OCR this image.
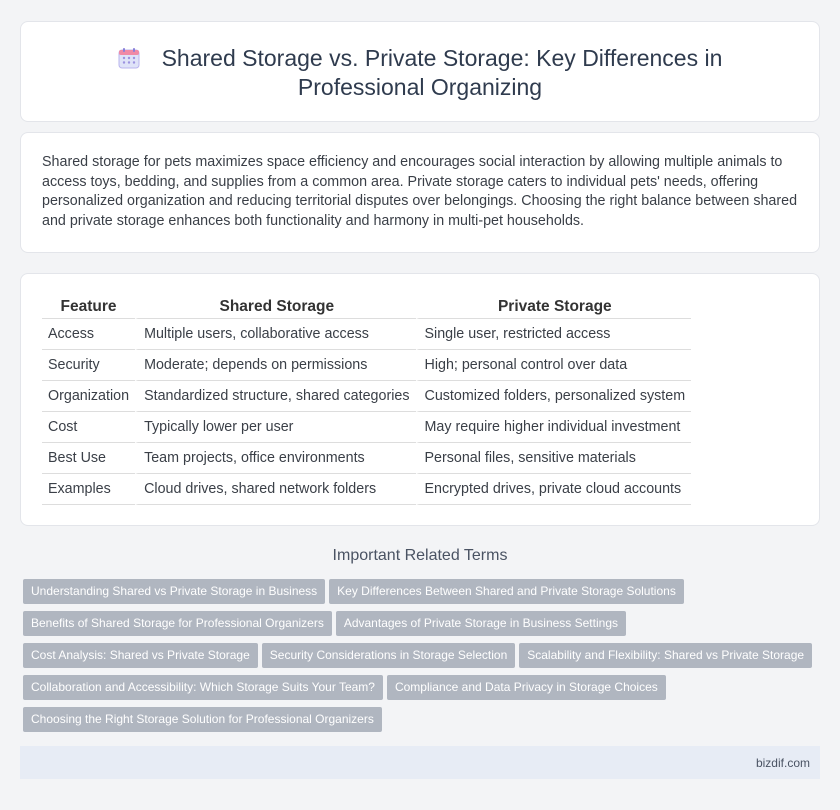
Shared Storage vs. Private Storage: Key Differences in
Professional Organizing

Shared storage for pets maximizes space efficiency and encourages social interaction by allowing multiple animals to access toys, bedding, and supplies from a common area. Private storage caters to individual pets' needs, offering personalized organization and reducing territorial disputes over belongings. Choosing the right balance between shared and private storage enhances both functionality and harmony in multi-pet households.

Feature	Shared Storage	Private Storage
Access	Multiple users, collaborative access	Single user, restricted access
Security	Moderate; depends on permissions	High; personal control over data
Organization	Standardized structure, shared categories	Customized folders, personalized system
Cost	Typically lower per user	May require higher individual investment
Best Use	Team projects, office environments	Personal files, sensitive materials
Examples	Cloud drives, shared network folders	Encrypted drives, private cloud accounts
Important Related Terms
Understanding Shared vs Private Storage in Business Key Differences Between Shared and Private Storage Solutions
Benefits of Shared Storage for Professional Organizers Advantages of Private Storage in Business Settings
Cost Analysis: Shared vs Private Storage Security Considerations in Storage Selection Scalability and Flexibility: Shared vs Private Storage
Collaboration and Accessibility: Which Storage Suits Your Team? Compliance and Data Privacy in Storage Choices
Choosing the Right Storage Solution for Professional Organizers
bizdif.com
